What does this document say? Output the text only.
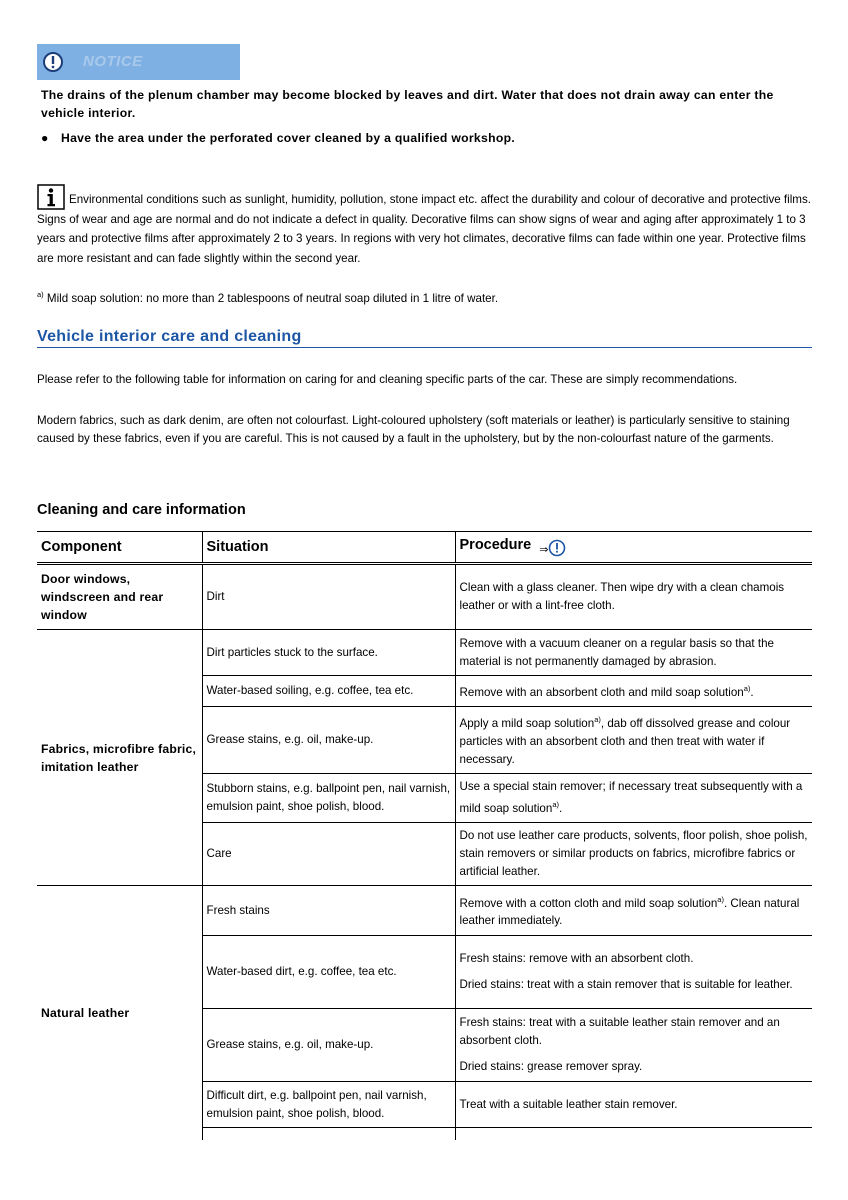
NOTICE
The drains of the plenum chamber may become blocked by leaves and dirt. Water that does not drain away can enter the vehicle interior.
● Have the area under the perforated cover cleaned by a qualified workshop.
Environmental conditions such as sunlight, humidity, pollution, stone impact etc. affect the durability and colour of decorative and protective films. Signs of wear and age are normal and do not indicate a defect in quality. Decorative films can show signs of wear and aging after approximately 1 to 3 years and protective films after approximately 2 to 3 years. In regions with very hot climates, decorative films can fade within one year. Protective films are more resistant and can fade slightly within the second year.
$^{a)}$ Mild soap solution: no more than 2 tablespoons of neutral soap diluted in 1 litre of water.
Vehicle interior care and cleaning
Please refer to the following table for information on caring for and cleaning specific parts of the car. These are simply recommendations.
Modern fabrics, such as dark denim, are often not colourfast. Light-coloured upholstery (soft materials or leather) is particularly sensitive to staining caused by these fabrics, even if you are careful. This is not caused by a fault in the upholstery, but by the non-colourfast nature of the garments.
Cleaning and care information
Component	Situation	Procedure ⇒
Door windows, windscreen and rear window	Dirt	Clean with a glass cleaner. Then wipe dry with a clean chamois leather or with a lint-free cloth.
Fabrics, microfibre fabric, imitation leather	Dirt particles stuck to the surface.	Remove with a vacuum cleaner on a regular basis so that the material is not permanently damaged by abrasion.
	Water-based soiling, e.g. coffee, tea etc.	Remove with an absorbent cloth and mild soap solution$^{a)}$.
	Grease stains, e.g. oil, make-up.	Apply a mild soap solution$^{a)}$, dab off dissolved grease and colour particles with an absorbent cloth and then treat with water if necessary.
	Stubborn stains, e.g. ballpoint pen, nail varnish, emulsion paint, shoe polish, blood.	Use a special stain remover; if necessary treat subsequently with a mild soap solution$^{a)}$.
	Care	Do not use leather care products, solvents, floor polish, shoe polish, stain removers or similar products on fabrics, microfibre fabrics or artificial leather.
Natural leather	Fresh stains	Remove with a cotton cloth and mild soap solution$^{a)}$. Clean natural leather immediately.
	Water-based dirt, e.g. coffee, tea etc.	Fresh stains: remove with an absorbent cloth.
Dried stains: treat with a stain remover that is suitable for leather.

	Grease stains, e.g. oil, make-up.	Fresh stains: treat with a suitable leather stain remover and an absorbent cloth.
Dried stains: grease remover spray.

	Difficult dirt, e.g. ballpoint pen, nail varnish, emulsion paint, shoe polish, blood.	Treat with a suitable leather stain remover.
